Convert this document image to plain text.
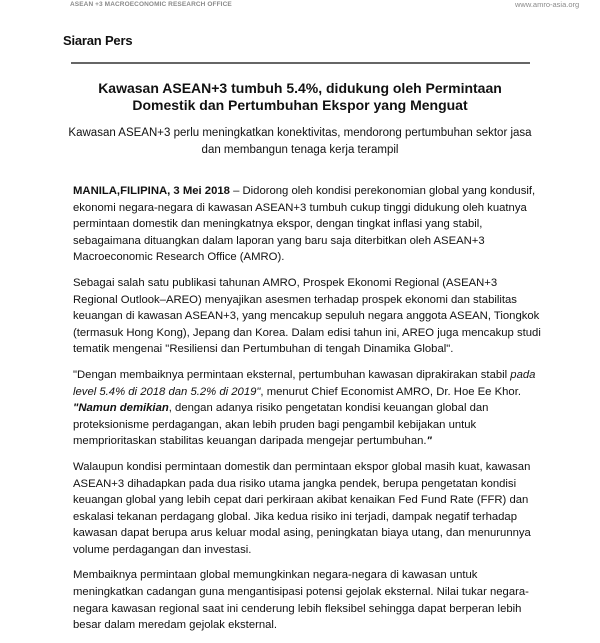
ASEAN +3 MACROECONOMIC RESEARCH OFFICE	www.amro-asia.org
Siaran Pers
Kawasan ASEAN+3 tumbuh 5.4%, didukung oleh Permintaan
Domestik dan Pertumbuhan Ekspor yang Menguat
Kawasan ASEAN+3 perlu meningkatkan konektivitas, mendorong pertumbuhan sektor jasa
dan membangun tenaga kerja terampil

MANILA,FILIPINA, 3 Mei 2018 – Didorong oleh kondisi perekonomian global yang kondusif, ekonomi negara-negara di kawasan ASEAN+3 tumbuh cukup tinggi didukung oleh kuatnya permintaan domestik dan meningkatnya ekspor, dengan tingkat inflasi yang stabil, sebagaimana dituangkan dalam laporan yang baru saja diterbitkan oleh ASEAN+3 Macroeconomic Research Office (AMRO).

Sebagai salah satu publikasi tahunan AMRO, Prospek Ekonomi Regional (ASEAN+3 Regional Outlook–AREO) menyajikan asesmen terhadap prospek ekonomi dan stabilitas keuangan di kawasan ASEAN+3, yang mencakup sepuluh negara anggota ASEAN, Tiongkok (termasuk Hong Kong), Jepang dan Korea. Dalam edisi tahun ini, AREO juga mencakup studi tematik mengenai "Resiliensi dan Pertumbuhan di tengah Dinamika Global".

"Dengan membaiknya permintaan eksternal, pertumbuhan kawasan diprakirakan stabil pada level 5.4% di 2018 dan 5.2% di 2019", menurut Chief Economist AMRO, Dr. Hoe Ee Khor. "Namun demikian, dengan adanya risiko pengetatan kondisi keuangan global dan proteksionisme perdagangan, akan lebih pruden bagi pengambil kebijakan untuk memprioritaskan stabilitas keuangan daripada mengejar pertumbuhan."

Walaupun kondisi permintaan domestik dan permintaan ekspor global masih kuat, kawasan ASEAN+3 dihadapkan pada dua risiko utama jangka pendek, berupa pengetatan kondisi keuangan global yang lebih cepat dari perkiraan akibat kenaikan Fed Fund Rate (FFR) dan eskalasi tekanan perdagang global. Jika kedua risiko ini terjadi, dampak negatif terhadap kawasan dapat berupa arus keluar modal asing, peningkatan biaya utang, dan menurunnya volume perdagangan dan investasi.

Membaiknya permintaan global memungkinkan negara-negara di kawasan untuk meningkatkan cadangan guna mengantisipasi potensi gejolak eksternal. Nilai tukar negara-negara kawasan regional saat ini cenderung lebih fleksibel sehingga dapat berperan lebih besar dalam meredam gejolak eksternal.
